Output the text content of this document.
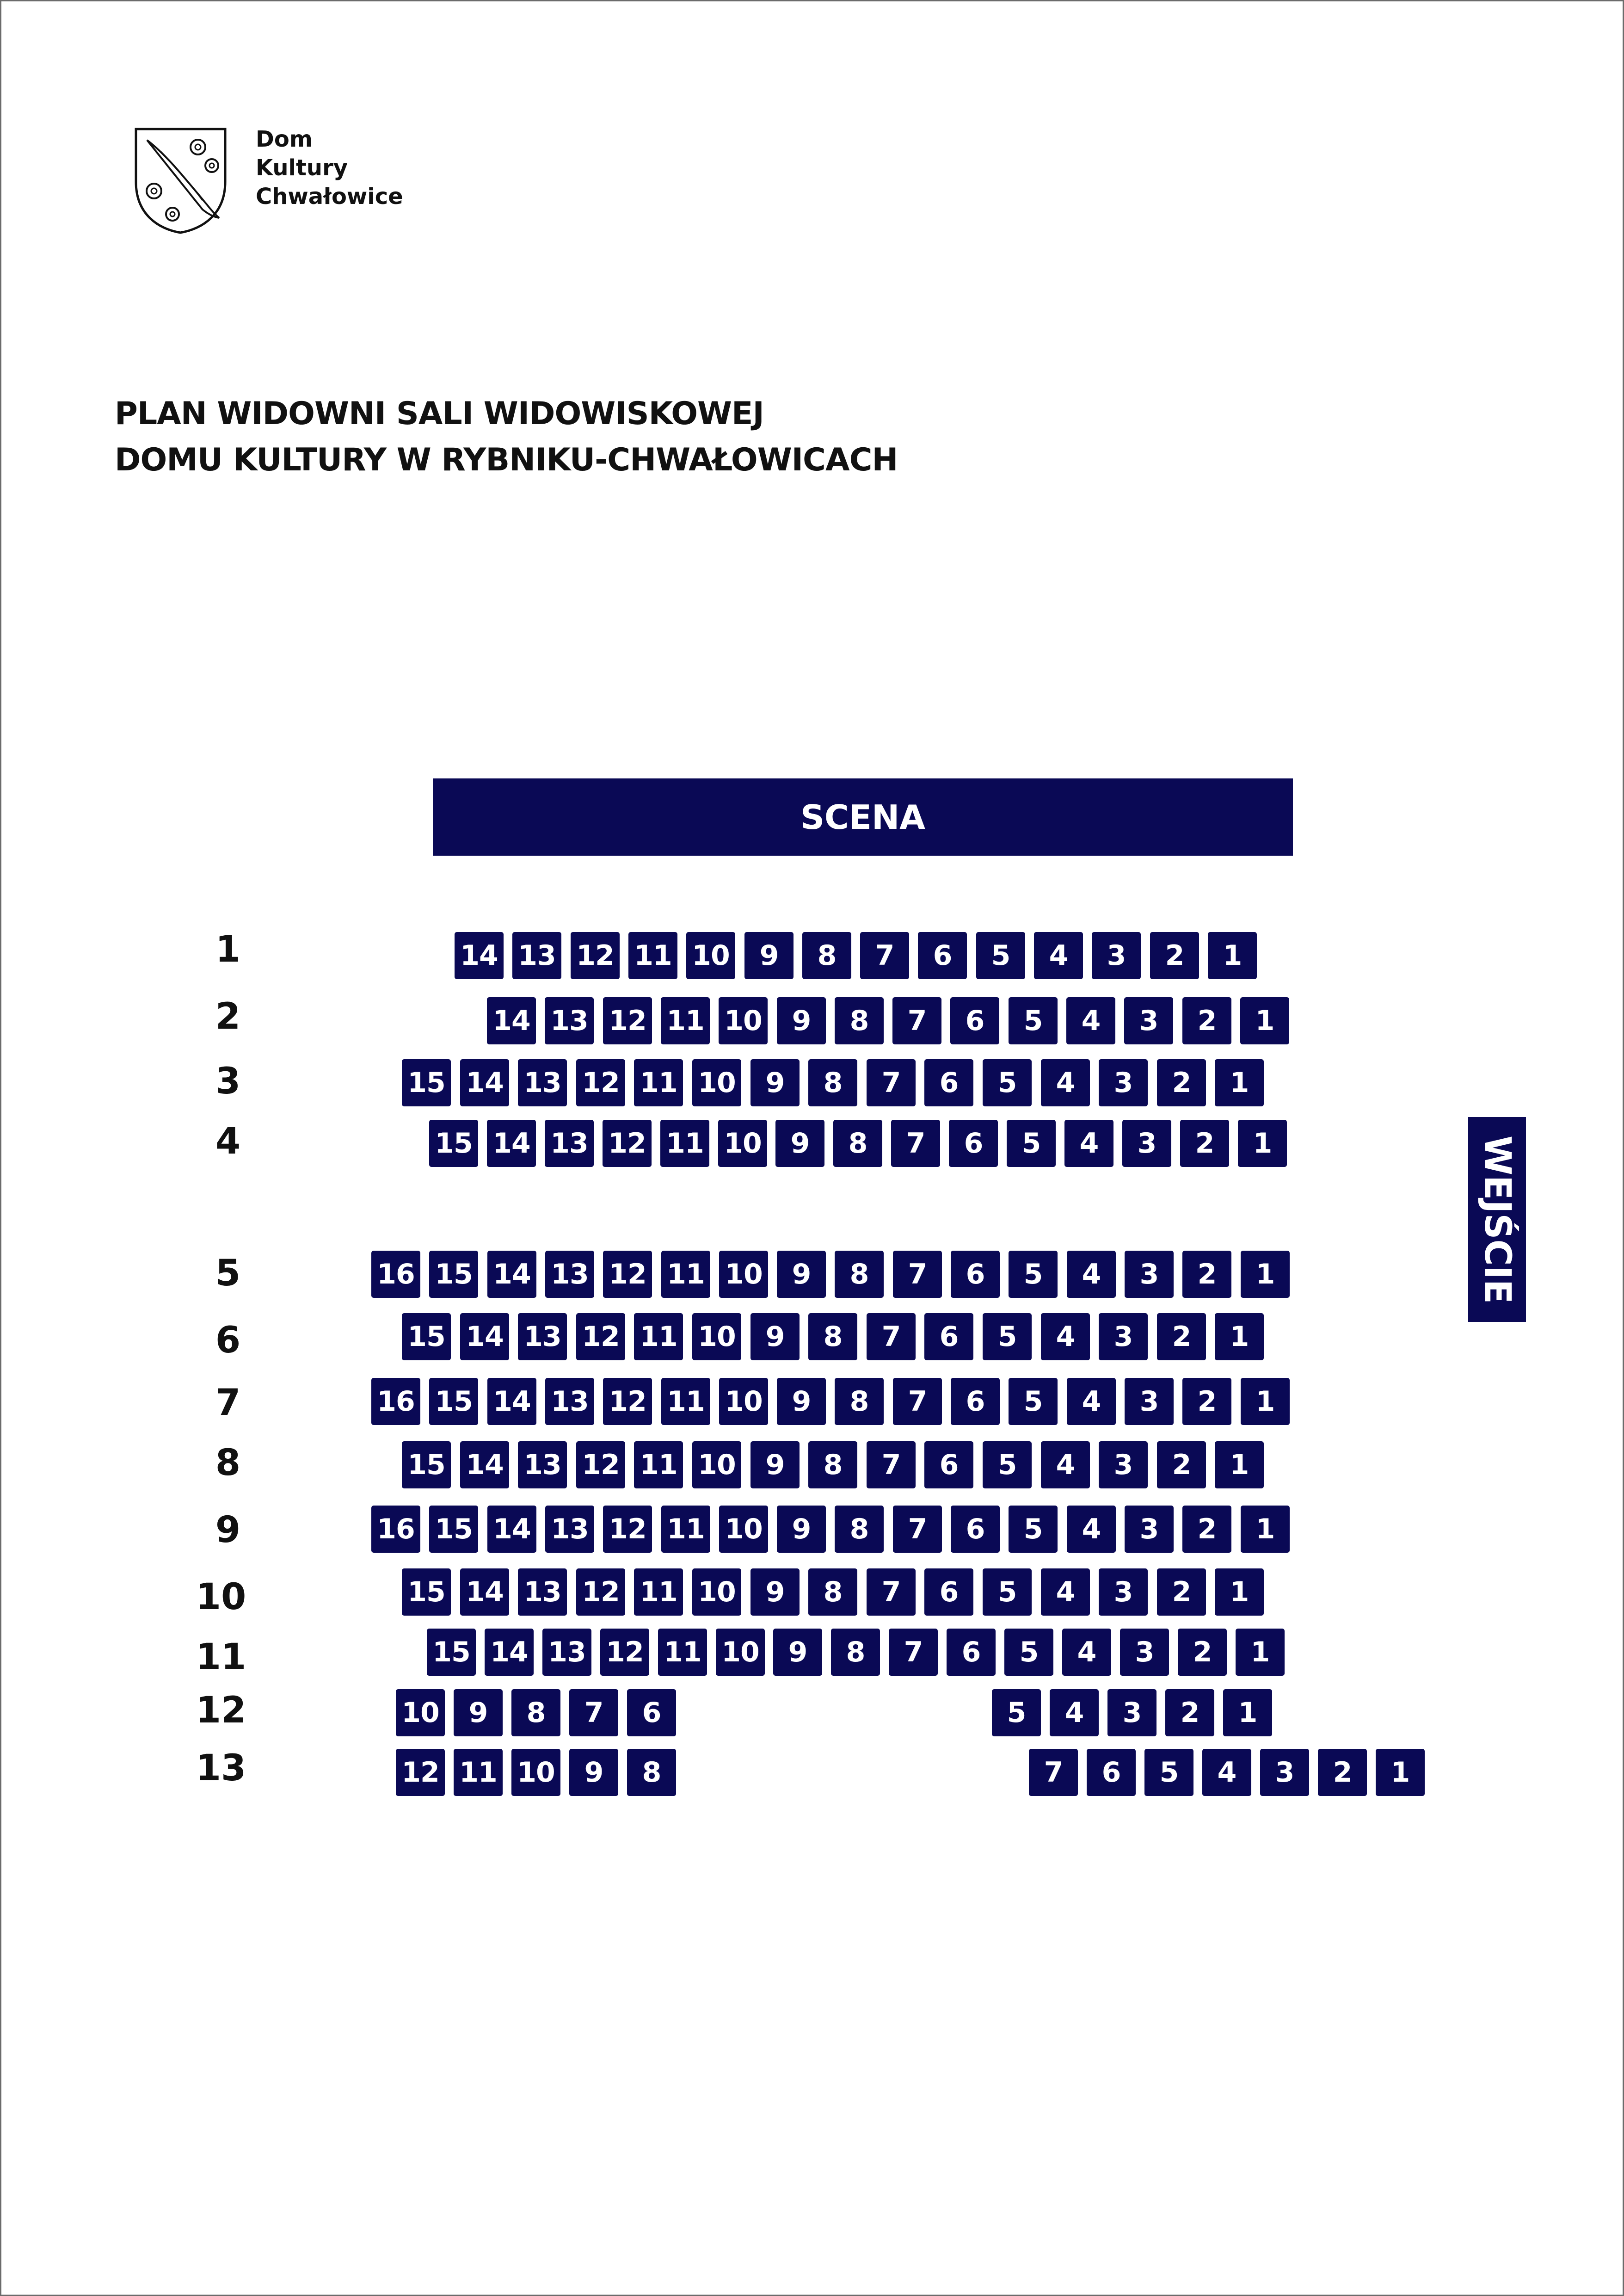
Dom
Kultury
Chwałowice
PLAN WIDOWNI SALI WIDOWISKOWEJ
DOMU KULTURY W RYBNIKU-CHWAŁOWICACH
SCENA
WEJŚCIE
1	14 13 12 11 10	9	8	7	6	5	4	3	2	1
2	14 13 12 11 10	9	8	7	6	5	4	3	2	1
3	15 14 13 12 11 10	9	8	7	6	5	4	3	2	1
4	15 14 13 12 11 10	9	8	7	6	5	4	3	2	1
5	16 15 14 13 12 11 10	9	8	7	6	5	4	3	2	1
6	15 14 13 12 11 10	9	8	7	6	5	4	3	2	1
7	16 15 14 13 12 11 10	9	8	7	6	5	4	3	2	1
8	15 14 13 12 11 10	9	8	7	6	5	4	3	2	1
9	16 15 14 13 12 11 10	9	8	7	6	5	4	3	2	1
10	15 14 13 12 11 10	9	8	7	6	5	4	3	2	1
11	15 14 13 12 11 10	9	8	7	6	5	4	3	2	1
12	10	9	8	7	6	5	4	3	2	1
13	12 11 10	9	8	7	6	5	4	3	2	1
